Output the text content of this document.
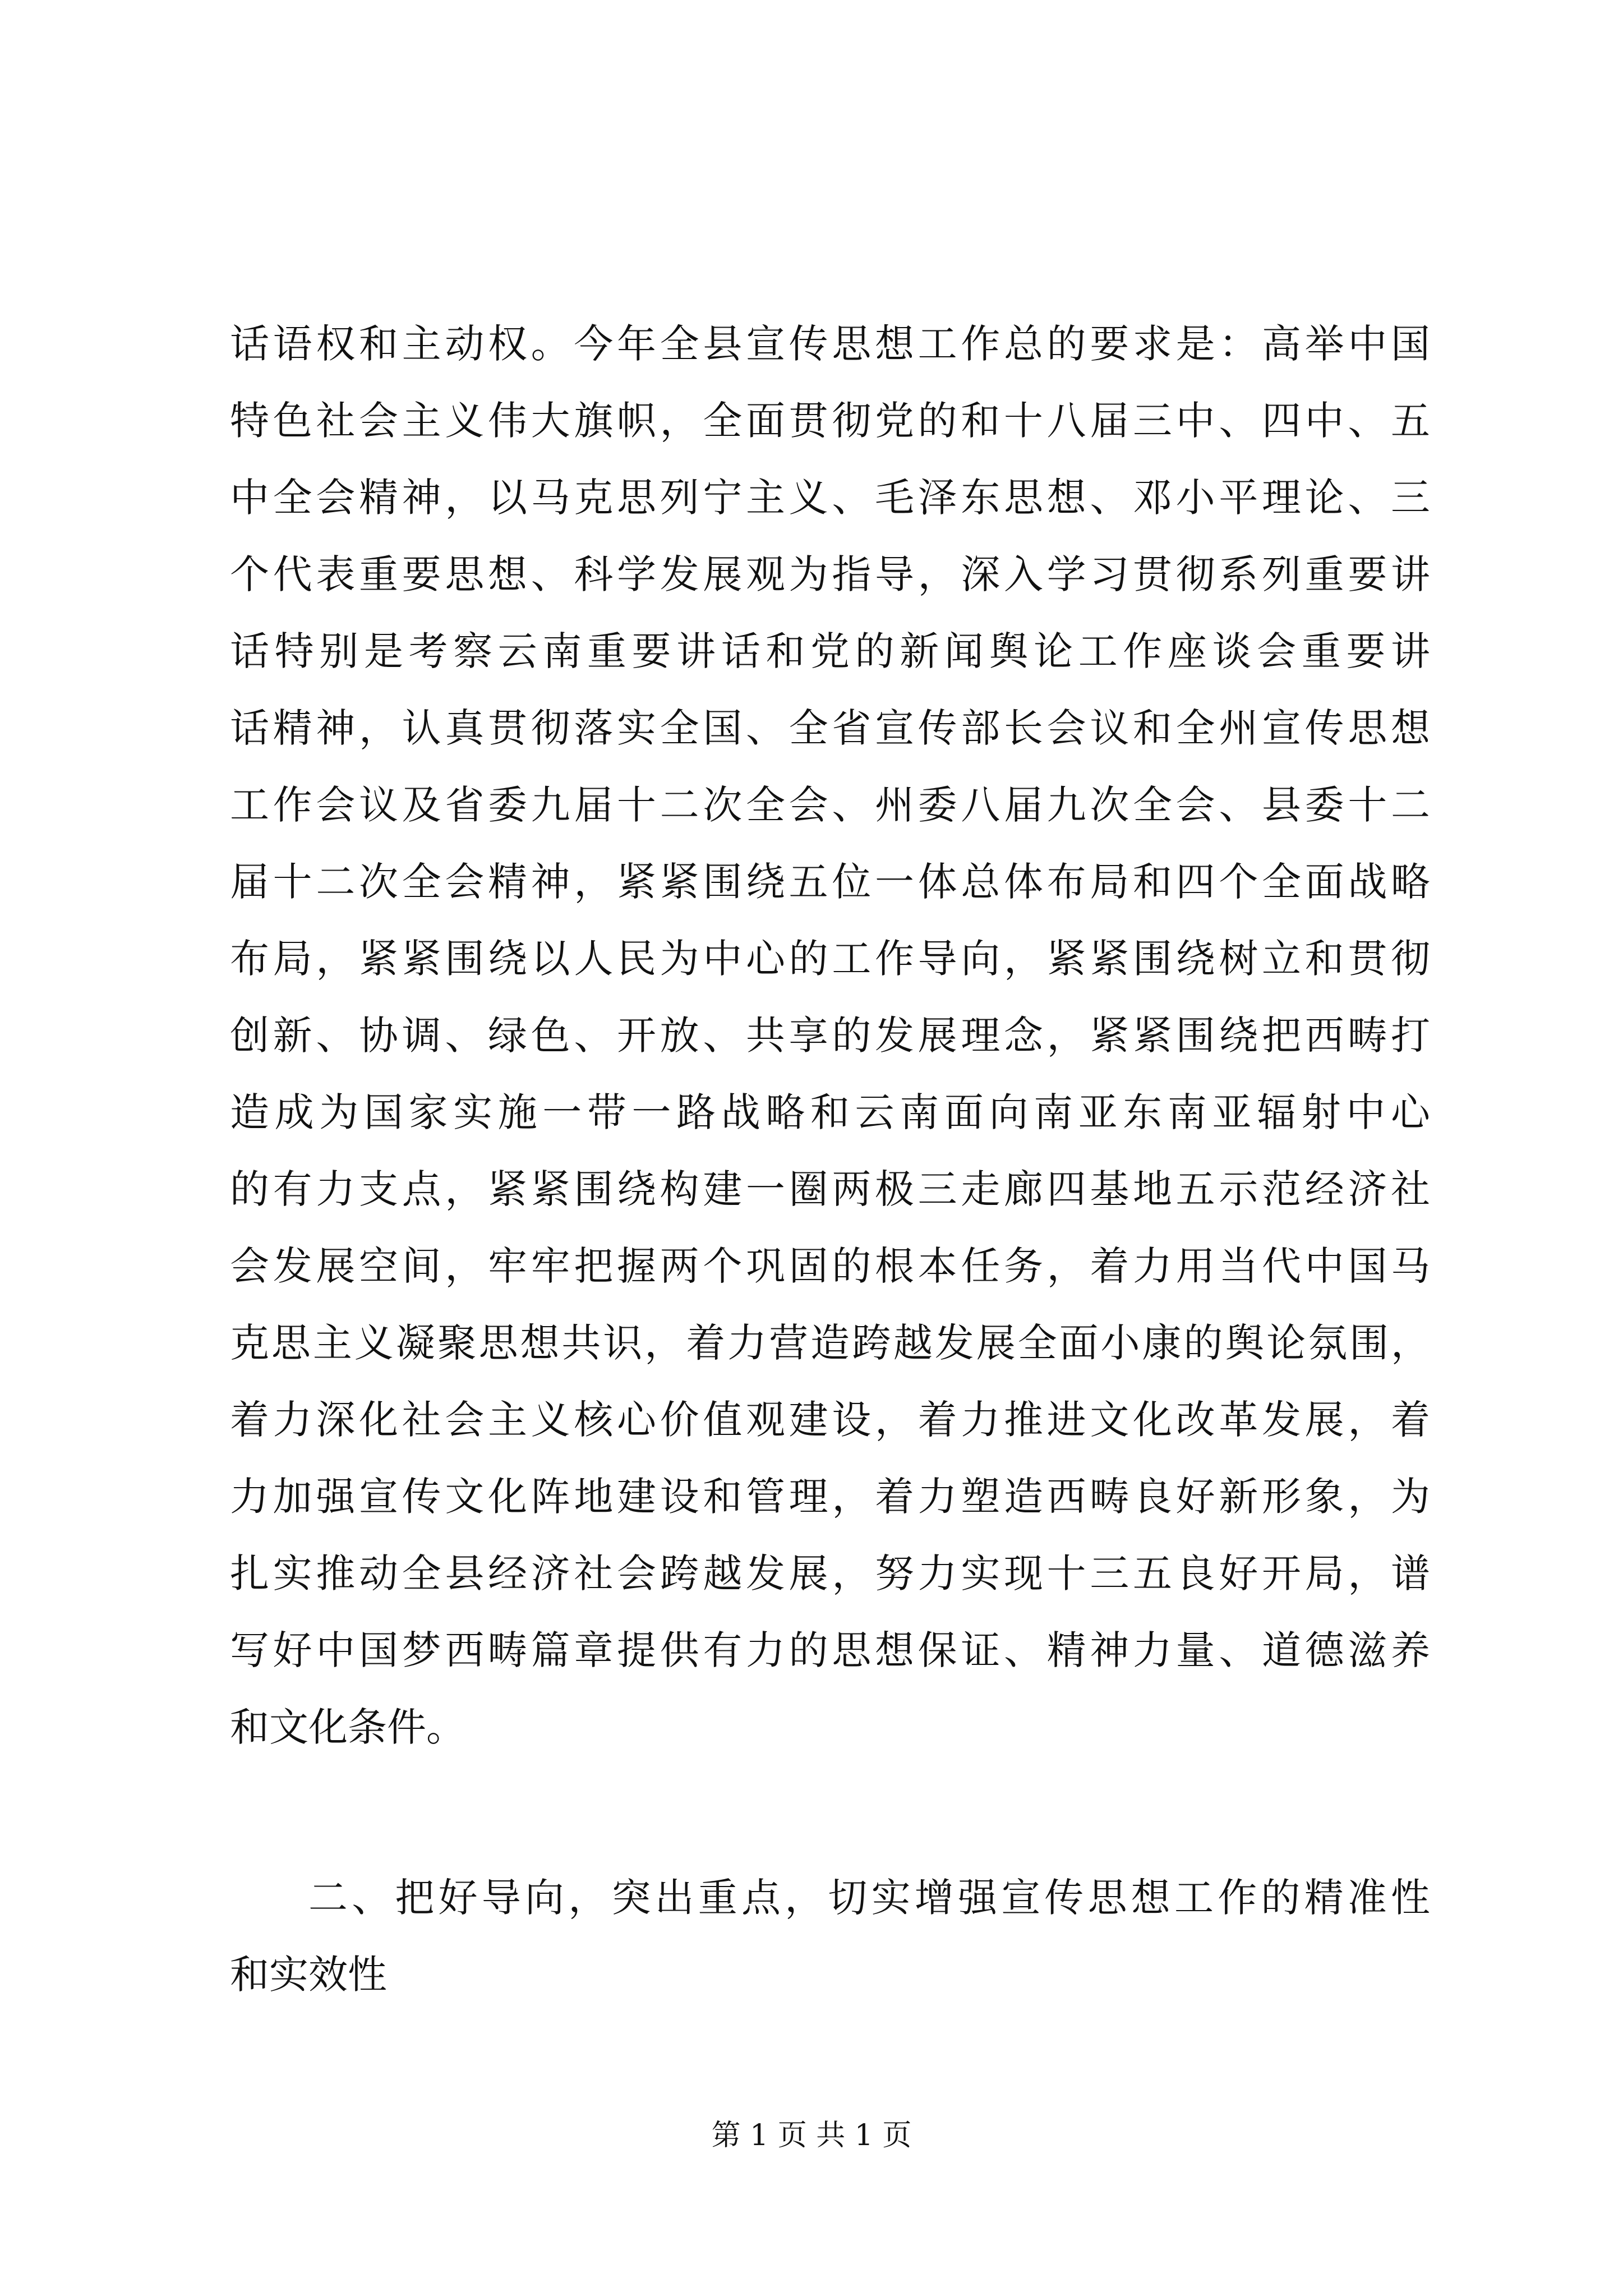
话语权和主动权。今年全县宣传思想工作总的要求是：高举中国
特色社会主义伟大旗帜，全面贯彻党的和十八届三中、四中、五
中全会精神，以马克思列宁主义、毛泽东思想、邓小平理论、三
个代表重要思想、科学发展观为指导，深入学习贯彻系列重要讲
话特别是考察云南重要讲话和党的新闻舆论工作座谈会重要讲
话精神，认真贯彻落实全国、全省宣传部长会议和全州宣传思想
工作会议及省委九届十二次全会、州委八届九次全会、县委十二
届十二次全会精神，紧紧围绕五位一体总体布局和四个全面战略
布局，紧紧围绕以人民为中心的工作导向，紧紧围绕树立和贯彻
创新、协调、绿色、开放、共享的发展理念，紧紧围绕把西畴打
造成为国家实施一带一路战略和云南面向南亚东南亚辐射中心
的有力支点，紧紧围绕构建一圈两极三走廊四基地五示范经济社
会发展空间，牢牢把握两个巩固的根本任务，着力用当代中国马
克思主义凝聚思想共识，着力营造跨越发展全面小康的舆论氛围，
着力深化社会主义核心价值观建设，着力推进文化改革发展，着
力加强宣传文化阵地建设和管理，着力塑造西畴良好新形象，为
扎实推动全县经济社会跨越发展，努力实现十三五良好开局，谱
写好中国梦西畴篇章提供有力的思想保证、精神力量、道德滋养
和文化条件。
二、把好导向，突出重点，切实增强宣传思想工作的精准性
和实效性
第 1 页 共 1 页
